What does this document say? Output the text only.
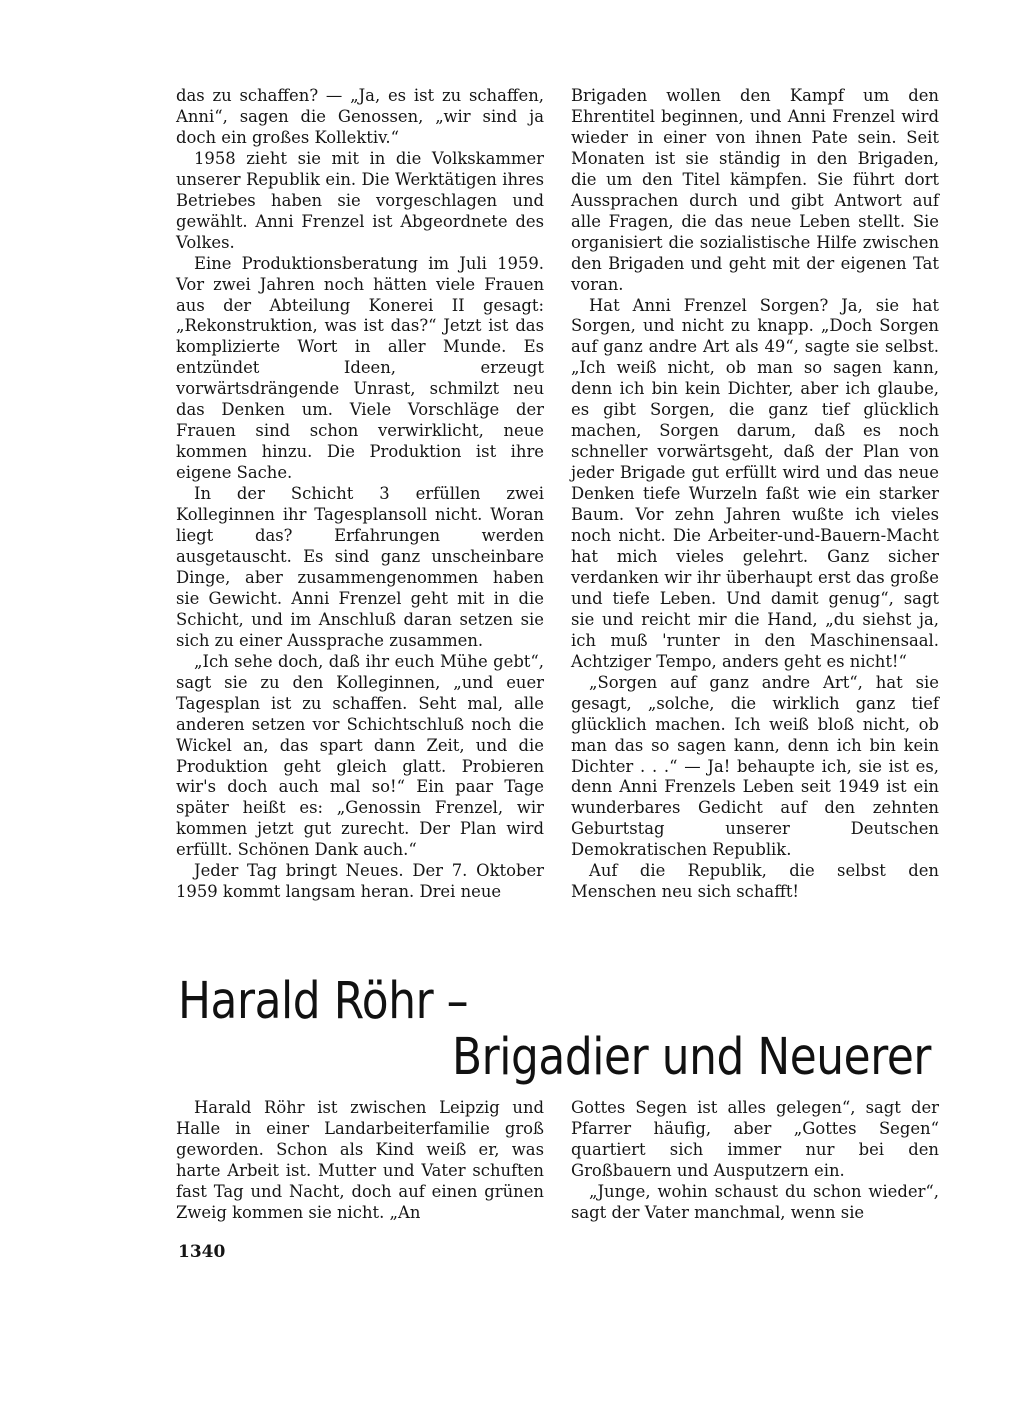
das zu schaffen? — „Ja, es ist zu schaffen, Anni“, sagen die Genossen, „wir sind ja doch ein großes Kollektiv.“

1958 zieht sie mit in die Volkskammer unserer Republik ein. Die Werktätigen ihres Betriebes haben sie vorgeschlagen und gewählt. Anni Frenzel ist Abgeordnete des Volkes.

Eine Produktionsberatung im Juli 1959. Vor zwei Jahren noch hätten viele Frauen aus der Abteilung Konerei II gesagt: „Rekonstruktion, was ist das?“ Jetzt ist das komplizierte Wort in aller Munde. Es entzündet Ideen, erzeugt vorwärtsdrängende Unrast, schmilzt neu das Denken um. Viele Vorschläge der Frauen sind schon verwirklicht, neue kommen hinzu. Die Produktion ist ihre eigene Sache.

In der Schicht 3 erfüllen zwei Kolleginnen ihr Tagesplansoll nicht. Woran liegt das? Erfahrungen werden ausgetauscht. Es sind ganz unscheinbare Dinge, aber zusammengenommen haben sie Gewicht. Anni Frenzel geht mit in die Schicht, und im Anschluß daran setzen sie sich zu einer Aussprache zusammen.

„Ich sehe doch, daß ihr euch Mühe gebt“, sagt sie zu den Kolleginnen, „und euer Tagesplan ist zu schaffen. Seht mal, alle anderen setzen vor Schichtschluß noch die Wickel an, das spart dann Zeit, und die Produktion geht gleich glatt. Probieren wir's doch auch mal so!“ Ein paar Tage später heißt es: „Genossin Frenzel, wir kommen jetzt gut zurecht. Der Plan wird erfüllt. Schönen Dank auch.“

Jeder Tag bringt Neues. Der 7. Oktober 1959 kommt langsam heran. Drei neue

Brigaden wollen den Kampf um den Ehrentitel beginnen, und Anni Frenzel wird wieder in einer von ihnen Pate sein. Seit Monaten ist sie ständig in den Brigaden, die um den Titel kämpfen. Sie führt dort Aussprachen durch und gibt Antwort auf alle Fragen, die das neue Leben stellt. Sie organisiert die sozialistische Hilfe zwischen den Brigaden und geht mit der eigenen Tat voran.

Hat Anni Frenzel Sorgen? Ja, sie hat Sorgen, und nicht zu knapp. „Doch Sorgen auf ganz andre Art als 49“, sagte sie selbst. „Ich weiß nicht, ob man so sagen kann, denn ich bin kein Dichter, aber ich glaube, es gibt Sorgen, die ganz tief glücklich machen, Sorgen darum, daß es noch schneller vorwärtsgeht, daß der Plan von jeder Brigade gut erfüllt wird und das neue Denken tiefe Wurzeln faßt wie ein starker Baum. Vor zehn Jahren wußte ich vieles noch nicht. Die Arbeiter-und-Bauern-Macht hat mich vieles gelehrt. Ganz sicher verdanken wir ihr überhaupt erst das große und tiefe Leben. Und damit genug“, sagt sie und reicht mir die Hand, „du siehst ja, ich muß 'runter in den Maschinensaal. Achtziger Tempo, anders geht es nicht!“

„Sorgen auf ganz andre Art“, hat sie gesagt, „solche, die wirklich ganz tief glücklich machen. Ich weiß bloß nicht, ob man das so sagen kann, denn ich bin kein Dichter . . .“ — Ja! behaupte ich, sie ist es, denn Anni Frenzels Leben seit 1949 ist ein wunderbares Gedicht auf den zehnten Geburtstag unserer Deutschen Demokratischen Republik.

Auf die Republik, die selbst den Menschen neu sich schafft!

Harald Röhr –
Brigadier und Neuerer

Harald Röhr ist zwischen Leipzig und Halle in einer Landarbeiterfamilie groß geworden. Schon als Kind weiß er, was harte Arbeit ist. Mutter und Vater schuften fast Tag und Nacht, doch auf einen grünen Zweig kommen sie nicht. „An

Gottes Segen ist alles gelegen“, sagt der Pfarrer häufig, aber „Gottes Segen“ quartiert sich immer nur bei den Großbauern und Ausputzern ein.

„Junge, wohin schaust du schon wieder“, sagt der Vater manchmal, wenn sie

1340
